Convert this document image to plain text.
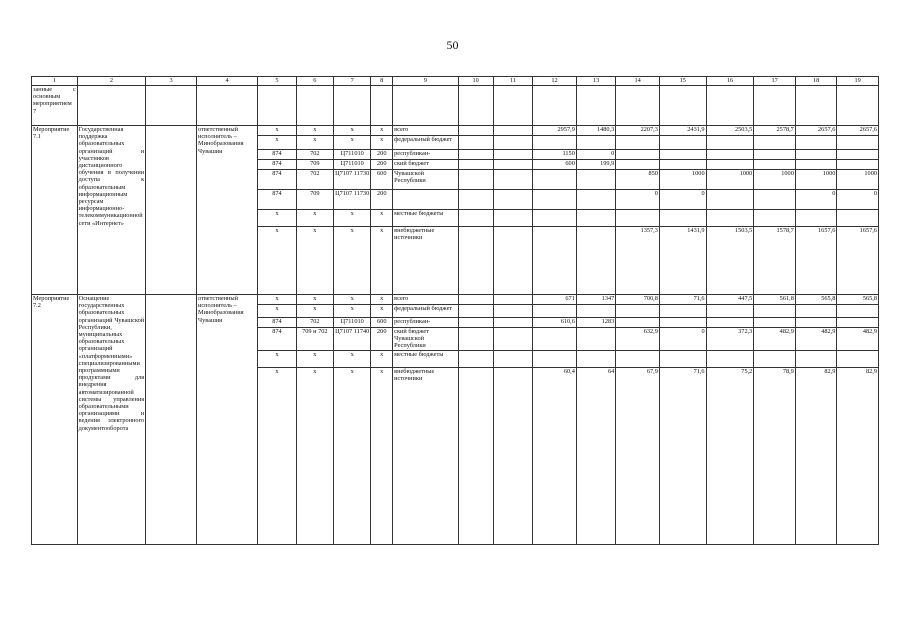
50
1	2	3	4	5	6	7	8	9	10	11	12	13	14	15	16	17	18	19
занные с основным мероприятием 7																		
Мероприятие 7.1	Государственная поддержка образовательных организаций и участников дистанционного обучения в получении доступа к образовательным информационным ресурсам информационно-телекоммуникационной сети «Интернет»		ответственный исполнитель – Минобразования Чувашии	x	x	x	x	всего			2957,9	1480,3	2207,3	2431,9	2503,5	2578,7	2657,6	2657,6
				x	x	x	x	федеральный бюджет										
				874	702	Ц711010	200	республикан-			1150	0						
				874	709	Ц711010	200	ский бюджет			600	199,9						
				874	702	Ц7107 11730	600	Чувашской Республики					850	1000	1000	1000	1000	1000
				874	709	Ц7107 11730	200						0	0			0	0
				x	x	x	x	местные бюджеты										
				x	x	x	x	внебюджетные источники					1357,3	1431,9	1503,5	1578,7	1657,6	1657,6
Мероприятие 7.2	Оснащение государственных образовательных организаций Чувашской Республики, муниципальных образовательных организаций «платформенными» специализированными программными продуктами для внедрения автоматизированной системы управления образовательными организациями и ведения электронного документооборота		ответственный исполнитель – Минобразования Чувашии	x	x	x	x	всего			671	1347	700,8	71,6	447,5	561,8	565,8	565,8
				x	x	x	x	федеральный бюджет										
				874	702	Ц711010	600	республикан-			610,6	1283						
				874	709 и 702	Ц7107 11740	200	ский бюджет Чувашской Республики					632,9	0	372,3	482,9	482,9	482,9
				x	x	x	x	местные бюджеты										
				x	x	x	x	внебюджетные источники			60,4	64	67,9	71,6	75,2	78,9	82,9	82,9
